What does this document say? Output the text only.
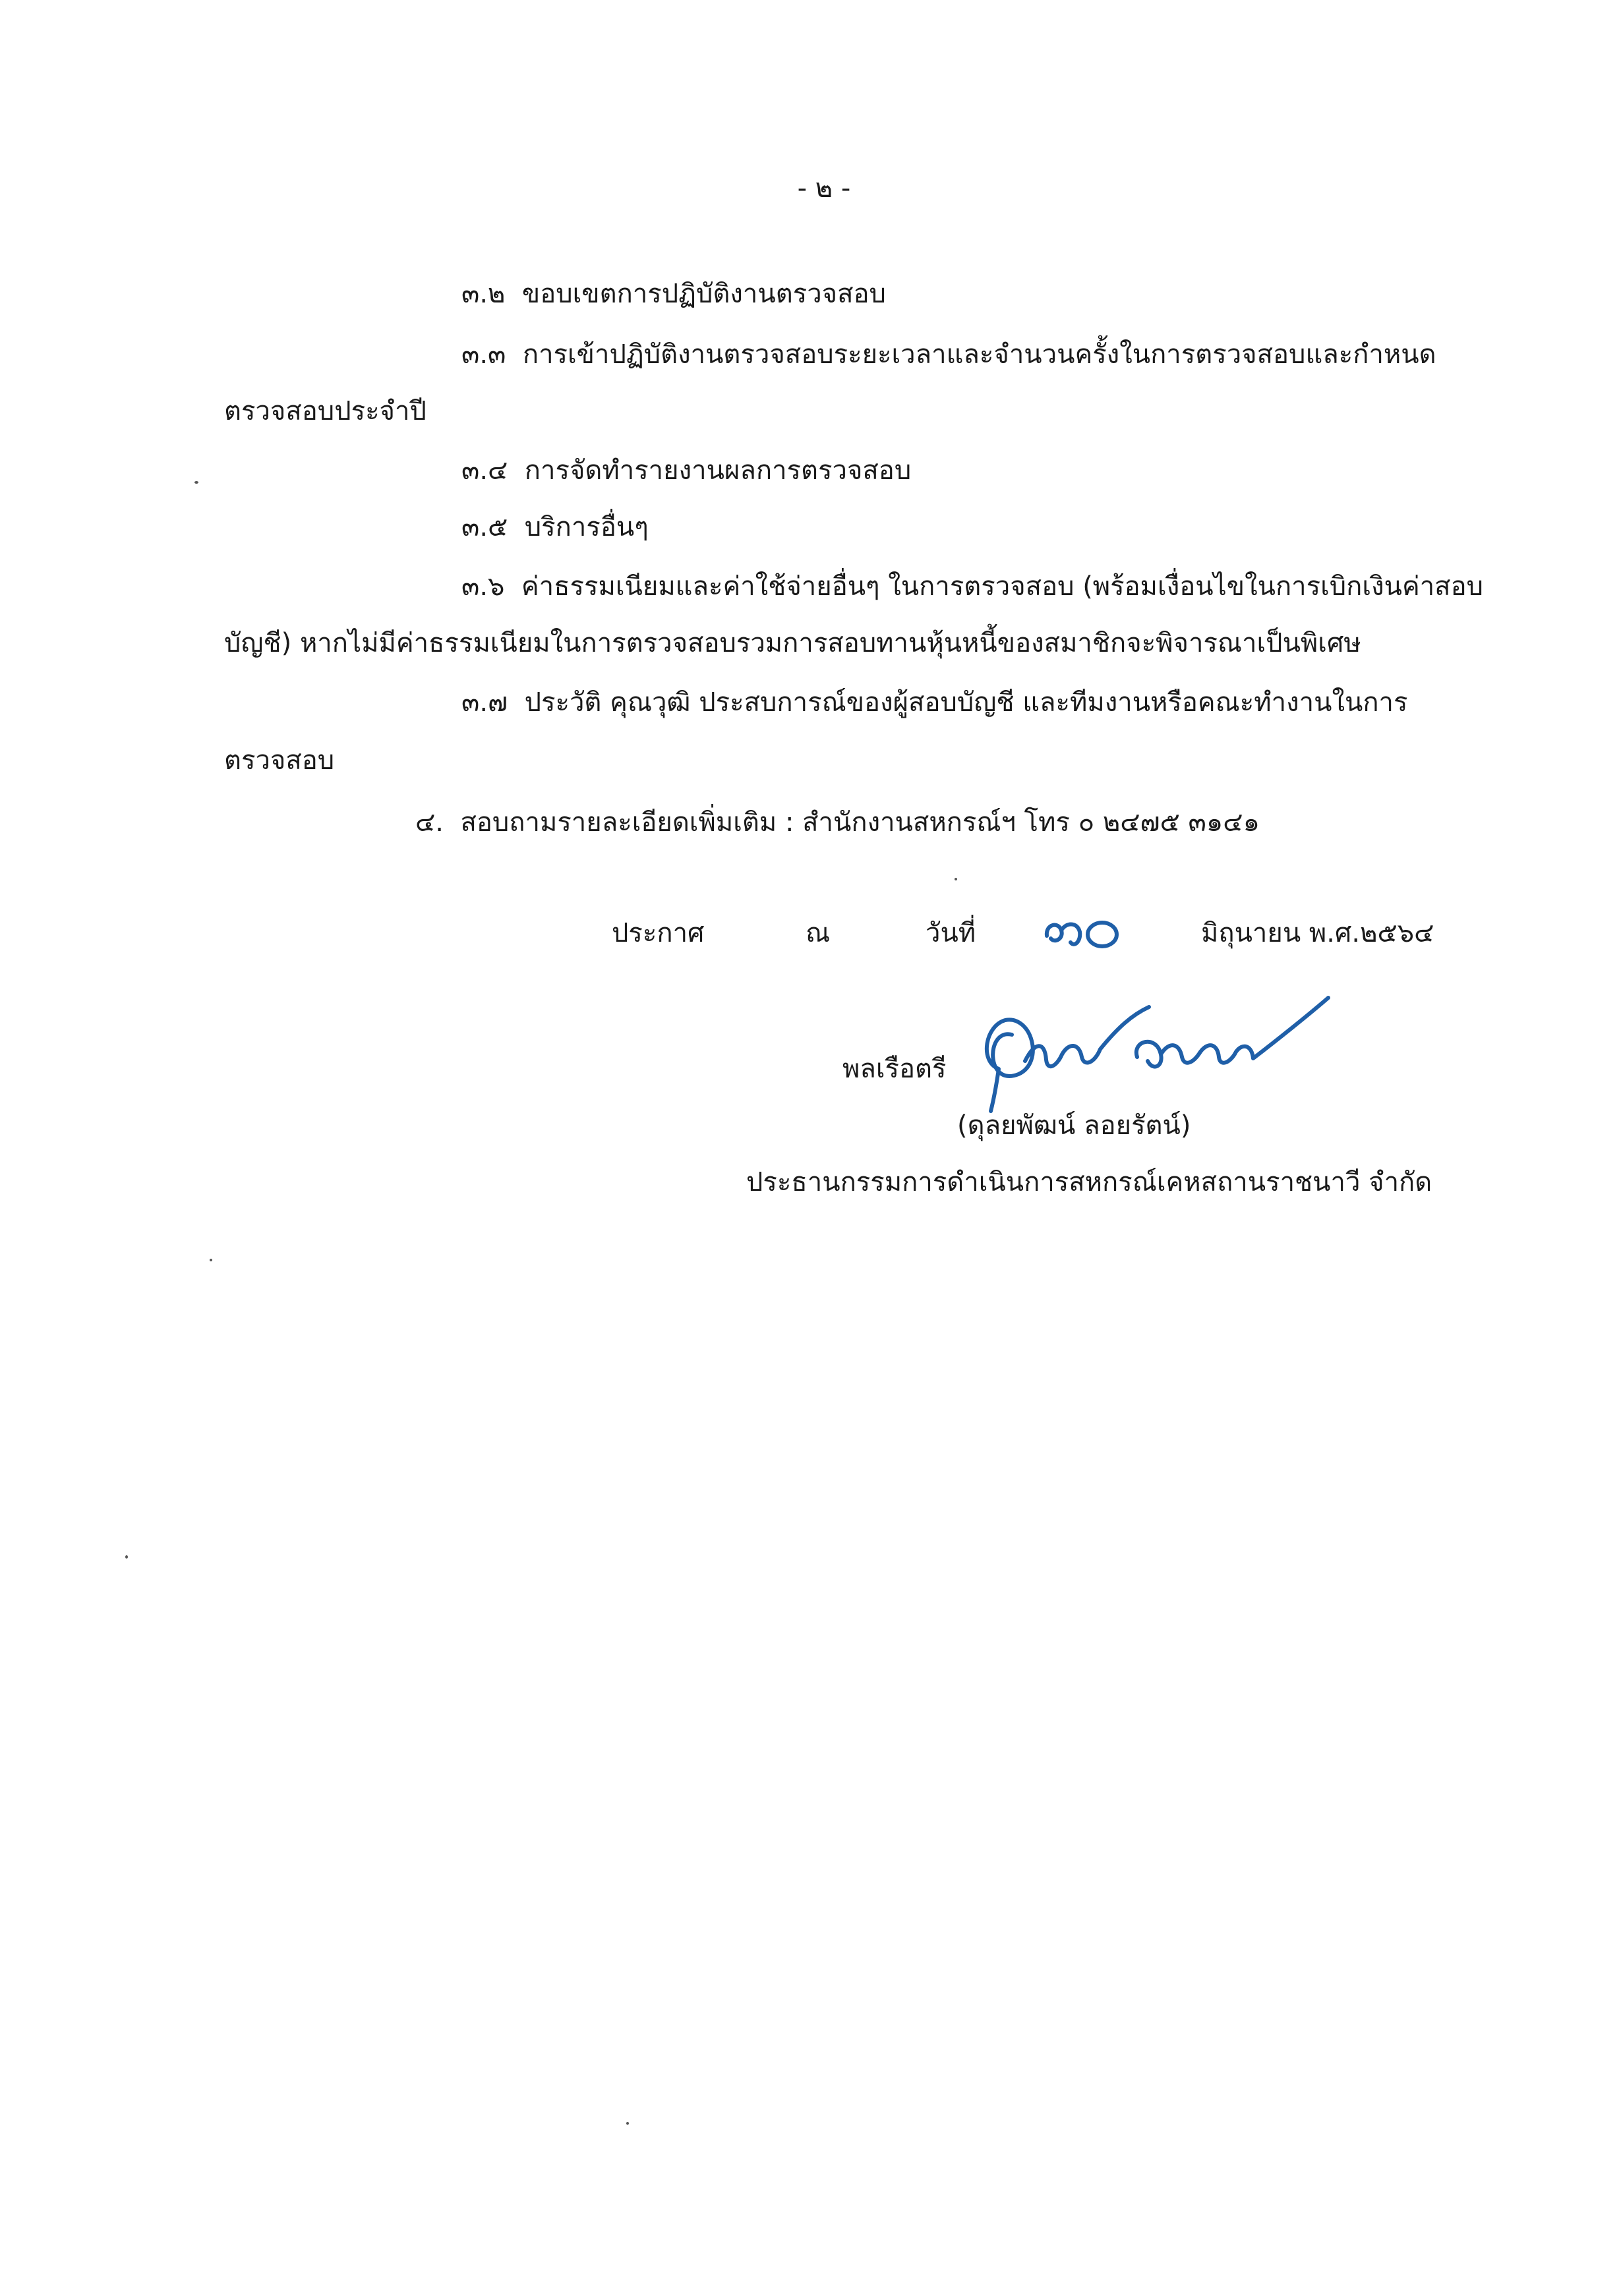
- ๒ -
๓.๒ ขอบเขตการปฏิบัติงานตรวจสอบ
๓.๓ การเข้าปฏิบัติงานตรวจสอบระยะเวลาและจำนวนครั้งในการตรวจสอบและกำหนด
ตรวจสอบประจำปี
๓.๔ การจัดทำรายงานผลการตรวจสอบ
๓.๕ บริการอื่นๆ
๓.๖ ค่าธรรมเนียมและค่าใช้จ่ายอื่นๆ ในการตรวจสอบ (พร้อมเงื่อนไขในการเบิกเงินค่าสอบ
บัญชี) หากไม่มีค่าธรรมเนียมในการตรวจสอบรวมการสอบทานหุ้นหนี้ของสมาชิกจะพิจารณาเป็นพิเศษ
๓.๗ ประวัติ คุณวุฒิ ประสบการณ์ของผู้สอบบัญชี และทีมงานหรือคณะทำงานในการ
ตรวจสอบ
๔. สอบถามรายละเอียดเพิ่มเติม : สำนักงานสหกรณ์ฯ โทร ๐ ๒๔๗๕ ๓๑๔๑
ประกาศ	ณ	วันที่	มิถุนายน พ.ศ.๒๕๖๔
พลเรือตรี
(ดุลยพัฒน์ ลอยรัตน์)
ประธานกรรมการดำเนินการสหกรณ์เคหสถานราชนาวี จำกัด
